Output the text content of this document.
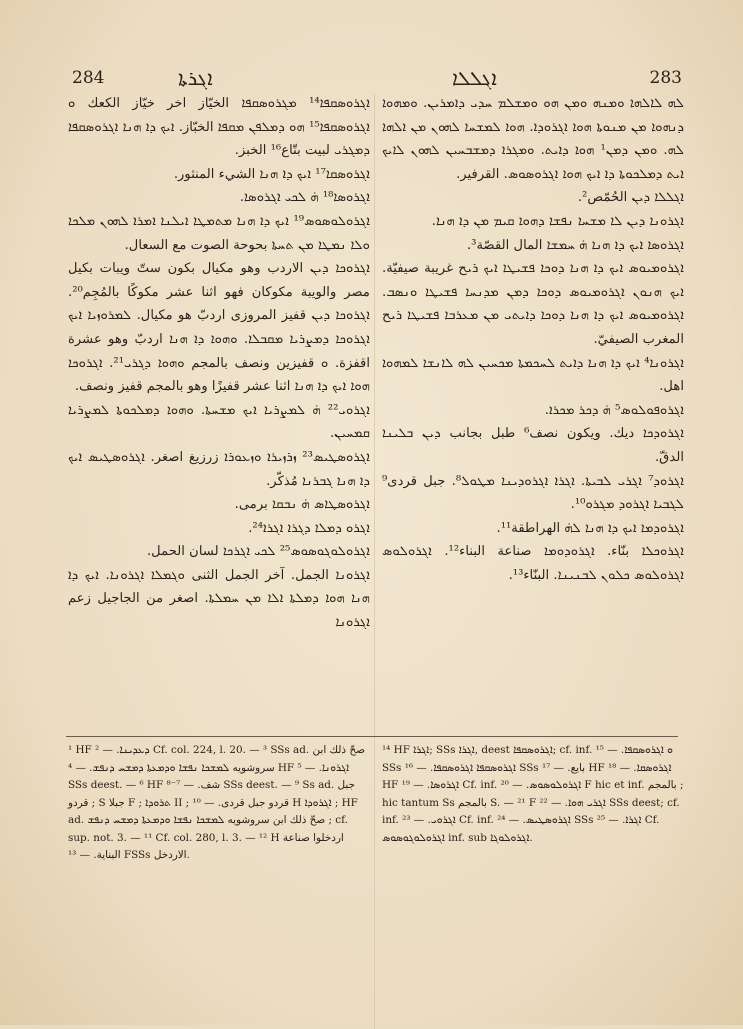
284	ܐܓܪܬܐ

ܐܓܪܘܣܩܦܐ¹⁴ ܡܓܪܘܣܩܦܐ الخيّاز اخر خيّاز الكعك ܘ ܐܓܪܘܣܩܦܐ¹⁵ ܗܘ ܕܡܠܦܢ ܡܩܦܐ الخبّاز. ܐܝܟ ܕܐ ܗܢܐ ܐܓܪܘܣܩܦܐ ܕܡܓܪܝ لبيت بتّاع¹⁶ الخبز.

ܐܓܪܘܣܩܐ¹⁷ ܐܝܟ ܕܐ ܗܢܐ الشيء المنثور.

ܐܓܪܘܣܐ¹⁸ ܗ̇ ܠܟܝ ܐܓܪܘܣܐ.

ܐܓܪܘܠܘܣܘܣ¹⁹ ܐܝܟ ܕܐ ܗܢܐ ܡܬܡܛܐ ܐܝܠܢܐ ܐܡܪܐ ܠܗܘܢ ܡܠܟܐ ܘܠܐ ܢܡܛܐ ܡܢ ܬܚܬܐ بحوحة الصوت مع السعال.

ܐܓܪܘܟܐ ܕܝܢ الاردب وهو مكيال بكون ستّ ويبات بكيل مصر والويبة مكوكان فهو اثنا عشر مكوكًا بالمُجِم²⁰. ܐܓܪܘܟܐ ܕܝܢ قفيز المروزى اردبّ هو مكيال. ܠܡܪܘܙܝܐ ܐܝܟ ܐܓܪܘܟܐ ܕܡܨܪܝܐ ܡܩܒܠܐ. ܘܗܘܐ ܕܐ ܗܢܐ اردبّ وهو عشرة اقفزة. ܘ قفيزين ونصف بالمجم ܘܗܘܐ ܕܓܪܝ²¹. ܐܓܪܘܟܐ ܗܘܐ ܐܝܟ ܕܐ ܗܢܐ اثنا عشر قفيزًا وهو بالمجم قفيز ونصف.

ܐܓܪܘܝ²² ܗ̇ ܠܡܨܪܝܐ ܐܝܟ ܡܫܚܬܐ. ܘܗܘܐ ܕܡܠܟܘܬܐ ܠܡܨܪܝܐ ܩܡܚܝܢ.

ܐܓܪܘܣܛܝܣ²³ ܙܪܙܝܪܐ ܘܙܥܘܪܐ زرزيغ اصغر. ܐܓܪܘܣܛܝܣ ܐܝܟ ܕܐ ܗܢܐ ܓܒܪܢܐ مُذكّر.

ܐܓܪܘܣܛܐܣ ܗ̇ ܢܒܩܐ برمى.

ܐܓܪܘ ܕܡܠܐ ܕܓܪܐ ܐܓܪܐ²⁴.

ܐܓܪܘܠܘܓܘܣܘܣ²⁵ ܠܟܝ ܐܓܪܟܐ لسان الحمل.

ܐܓܪܘܢܐ الجمل. آخر الجمل الثنى ܘܓܡܠܐ ܐܓܪܘܢܐ. ܐܝܟ ܕܐ ܗܢܐ ܗܘܐ ܕܡܠܬܐ ܐܠܐ ܡܢ ܚܡܠܬܐ. اصغر من الجاجيل زعم ܐܓܪܘܢܐ

ܐܓܠܠܐ	283

ܠܗ ܠܐܠܗܐ ܘܡܢܗ ܘܡܢ ܗܘ ܘܡܫܠܡ ܚܕܝ ܕܐܡܪܝܢ. ܘܡܗܘܐ ܕܢܗܘܐ ܡܢ ܡܢܘܬܐ ܗܘܐ ܐܓܪܘܕܐ. ܗܘܐ ܠܡܫܚܐ ܠܗܘܢ ܡܢ ܐܠܗܐ ܠܗ. ܘܡܢ ܕܡܢ¹ ܗܘܐ ܕܐܝܬ. ܘܡܓܪܐ ܕܡܫܒܚܝܢ ܠܗܘܢ ܠܐܝܟ ܐܝܬ ܕܡܠܟܘܬܐ ܕܐ ܐܝܟ ܗܘܐ ܐܓܪܘܣܘܣ. القرفير.

ܐܓܠܠܐ ܕܝܢ الحُمّص².

ܐܓܪܘܢܐ ܕܝܢ ܠܐ ܡܫܚܐ ܢܦܫܐ ܕܗܘܐ ܩܝܡ ܡܢ ܕܐ ܗܢܐ.

ܐܓܪܘܣܐ ܐܝܟ ܕܐ ܗܢܐ ܗ̇ ܚܡܫܐ المال القصّة³.

ܐܓܪܘܡܝܘܣ ܐܝܟ ܕܐ ܗܢܐ ܕܘܟܐ ܦܫܝܛܐ ܐܝܟ ܪܝح غريبة صيفيّة. ܐܝܟ ܗܢܘܢ ܐܓܪܘܡܝܘܣ ܕܘܟܐ ܕܡܢ ܡܕܢܚܐ ܦܫܝܛܐ ܘܢܣܒ. ܐܓܪܘܡܝܘܣ ܐܝܟ ܕܐ ܗܢܐ ܕܘܟܐ ܕܐܝܬܝ ܡܢ ܡܥܪܒܐ ܦܫܝܛܐ ܪܝح المغرب الصيفيّ.

ܐܓܪܘܢܐ⁴ ܐܝܟ ܕܐ ܗܢܐ ܕܐܝܬ ܠܚܟܡܬܐ ܡܟܚܝܢ ܠܗ ܠܐܢܫܐ ܠܡܗܘܐ اهل.

ܐܓܪܘܦܘܠܘܣ⁵ ܗ̇ ܕܟܪ ܡܟܪܐ.

ܐܓܪܘܕܟܐ ديك. ويكون نصف⁶ طبل بجانب ܕܝܢ ܒܠܝܢܐ الدقّ.

ܐܓܪܘܕ⁷ ܐܓܪܝ ܠܒܝܬܐ. ܐܓܪܐ ܐܓܪܘܕܝܢܐ ܡܛܘܠ⁸. جبل قردى⁹ ܠܓܒܝܐ ܐܓܪܘܕ ܡܓܪܘ¹⁰.

ܐܓܪܘܕܡܐ ܐܝܟ ܕܐ ܗܢܐ ܠܗ̇ الهراطقة¹¹.

ܐܓܪܘܟܠܐ بنّاء. ܐܓܪܘܕܘܡܐ صناعة البناء¹². ܐܓܪܘܠܘܣ ܐܓܪܘܠܘܣ ܟܠܘܢ ܠܒܢܝܢܐ. البنّاء¹³.

¹ HF ܕܥܕܝܢܐ. — ² Cf. col. 224, l. 20. — ³ SSs ad. صحّ ذلك ابن سروشويه ܠܡܫܟܐ ܢܦܫܐ ܘܕܡܥܬܐ ܕܡܫܚ ܕܢܦܫ. — ⁴ HF ܐܓܪܘܢܐ. — ⁵ SSs deest. — ⁶ HF شف. — ⁷⁻⁸ SSs deest. — ⁹ Ss ad. جبل قردو ; S جبلا F ; ܬܪܘܕܐ II ; قردو جبل قردى. — ¹⁰ H ܐܓܪܘܕܐ ; HF ad. صحّ ذلك ابن سروشويه ܠܡܫܟܐ ܢܦܫܐ ܘܕܡܥܬܐ ܕܡܫܚ ܕܢܦܫ ; cf. sup. not. 3. — ¹¹ Cf. col. 280, l. 3. — ¹² H اردخلوا صناعة البناية. — ¹³ FSSs الاردخل.

¹⁴ HF ܐܓܪܐ; SSs ܐܓܪܐ, deest ܐܓܪܘܣܩܦܐ; cf. inf. ܘ ܐܓܪܘܣܩܦܐ. — ¹⁵ SSs ܐܓܪܘܣܩܦܐ ܐܓܪܘܣܩܦܐ. — ¹⁶ SSs بايع. — ¹⁷ HF ܐܓܪܘܣܩܐ. — ¹⁸ HF ܐܓܪܘܣܐ. — ¹⁹ Cf. inf. ܐܓܪܘܠܘܣܘܣ. — ²⁰ F hic et inf. بالمجم ; hic tantum Ss بالمجم S. — ²¹ F ܐܓܪܝ ܗܘܐ. — ²² SSs deest; cf. inf. ܐܓܪܘܝ. — ²³ Cf. inf. ܐܓܪܘܣܛܝܣ. — ²⁴ SSs ܐܓܪܐ. — ²⁵ Cf. ܐܓܪܘܠܘܓܘܣܘܣ inf. sub ܐܓܪܘܠܘܓܐ.
